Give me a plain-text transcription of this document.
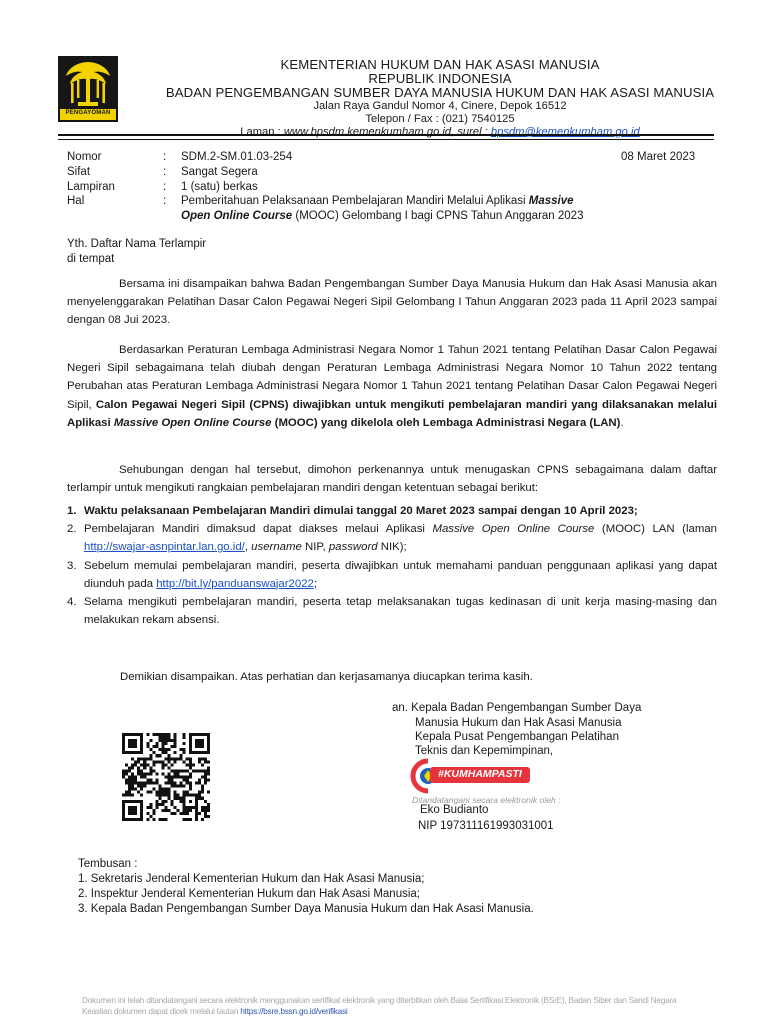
PENGAYOMAN
KEMENTERIAN HUKUM DAN HAK ASASI MANUSIA
REPUBLIK INDONESIA
BADAN PENGEMBANGAN SUMBER DAYA MANUSIA HUKUM DAN HAK ASASI MANUSIA
Jalan Raya Gandul Nomor 4, Cinere, Depok 16512
Telepon / Fax : (021) 7540125
Laman : www.bpsdm.kemenkumham.go.id, surel : bpsdm@kemenkumham.go.id
08 Maret 2023
Nomor	: SDM.2-SM.01.03-254
Sifat	: Sangat Segera
Lampiran	: 1 (satu) berkas
Hal	: Pemberitahuan Pelaksanaan Pembelajaran Mandiri Melalui Aplikasi Massive
Open Online Course (MOOC) Gelombang I bagi CPNS Tahun Anggaran 2023
Yth. Daftar Nama Terlampir
di tempat
Bersama ini disampaikan bahwa Badan Pengembangan Sumber Daya Manusia Hukum dan Hak Asasi Manusia akan menyelenggarakan Pelatihan Dasar Calon Pegawai Negeri Sipil Gelombang I Tahun Anggaran 2023 pada 11 April 2023 sampai dengan 08 Jui 2023.
Berdasarkan Peraturan Lembaga Administrasi Negara Nomor 1 Tahun 2021 tentang Pelatihan Dasar Calon Pegawai Negeri Sipil sebagaimana telah diubah dengan Peraturan Lembaga Administrasi Negara Nomor 10 Tahun 2022 tentang Perubahan atas Peraturan Lembaga Administrasi Negara Nomor 1 Tahun 2021 tentang Pelatihan Dasar Calon Pegawai Negeri Sipil, Calon Pegawai Negeri Sipil (CPNS) diwajibkan untuk mengikuti pembelajaran mandiri yang dilaksanakan melalui Aplikasi Massive Open Online Course (MOOC) yang dikelola oleh Lembaga Administrasi Negara (LAN).
Sehubungan dengan hal tersebut, dimohon perkenannya untuk menugaskan CPNS sebagaimana dalam daftar terlampir untuk mengikuti rangkaian pembelajaran mandiri dengan ketentuan sebagai berikut:
1. Waktu pelaksanaan Pembelajaran Mandiri dimulai tanggal 20 Maret 2023 sampai dengan 10 April 2023;
2. Pembelajaran Mandiri dimaksud dapat diakses melaui Aplikasi Massive Open Online Course (MOOC) LAN (laman http://swajar-asnpintar.lan.go.id/, username NIP, password NIK);
3. Sebelum memulai pembelajaran mandiri, peserta diwajibkan untuk memahami panduan penggunaan aplikasi yang dapat diunduh pada http://bit.ly/panduanswajar2022;
4. Selama mengikuti pembelajaran mandiri, peserta tetap melaksanakan tugas kedinasan di unit kerja masing-masing dan melakukan rekam absensi.
Demikian disampaikan. Atas perhatian dan kerjasamanya diucapkan terima kasih.
an. Kepala Badan Pengembangan Sumber Daya
Manusia Hukum dan Hak Asasi Manusia
Kepala Pusat Pengembangan Pelatihan
Teknis dan Kepemimpinan,
#KUMHAMPASTI
Ditandatangani secara elektronik oleh :
Eko Budianto
NIP 197311161993031001
Tembusan :
1. Sekretaris Jenderal Kementerian Hukum dan Hak Asasi Manusia;
2. Inspektur Jenderal Kementerian Hukum dan Hak Asasi Manusia;
3. Kepala Badan Pengembangan Sumber Daya Manusia Hukum dan Hak Asasi Manusia.
Dokumen ini telah ditandatangani secara elektronik menggunakan sertifikat elektronik yang diterbitkan oleh Balai Sertifikasi Elektronik (BSrE), Badan Siber dan Sandi Negara
Keaslian dokumen dapat dicek melalui tautan https://bsre.bssn.go.id/verifikasi
